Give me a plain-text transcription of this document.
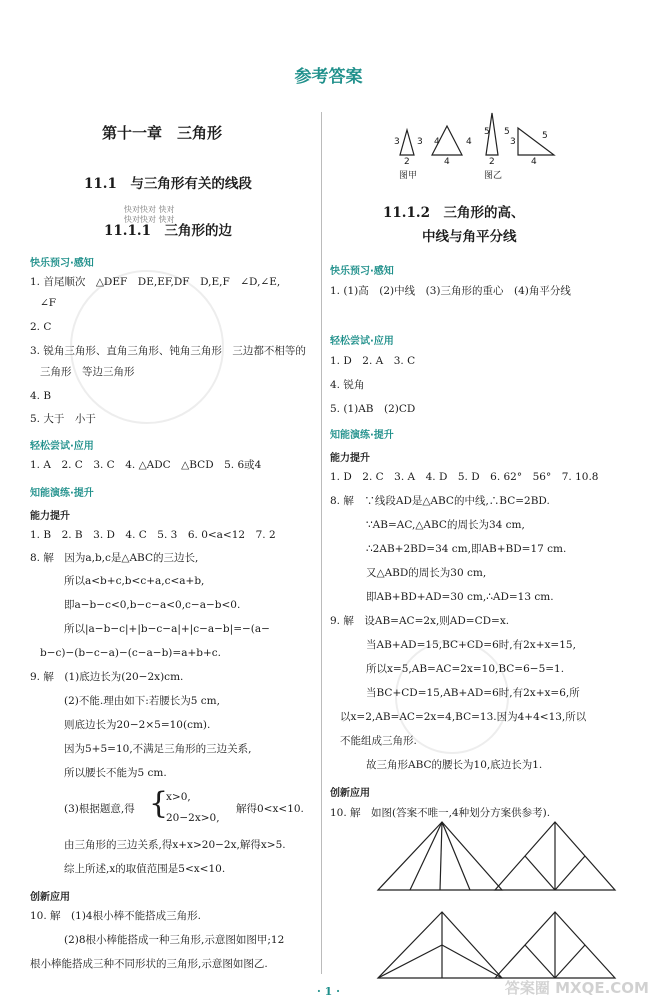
参考答案
第十一章　三角形
11.1　与三角形有关的线段
快对快对 快对
快对快对 快对
11.1.1　三角形的边
快乐预习·感知
1. 首尾顺次　△DEF　DE,EF,DF　D,E,F　∠D,∠E,
∠F
2. C
3. 锐角三角形、直角三角形、钝角三角形　三边都不相等的
三角形　等边三角形
4. B
5. 大于　小于
轻松尝试·应用
1. A　2. C　3. C　4. △ADC　△BCD　5. 6或4
知能演练·提升
能力提升
1. B　2. B　3. D　4. C　5. 3　6. 0<a<12　7. 2
8. 解　因为a,b,c是△ABC的三边长,
所以a<b+c,b<c+a,c<a+b,
即a−b−c<0,b−c−a<0,c−a−b<0.
所以|a−b−c|+|b−c−a|+|c−a−b|=−(a−
b−c)−(b−c−a)−(c−a−b)=a+b+c.
9. 解　(1)底边长为(20−2x)cm.
(2)不能.理由如下:若腰长为5 cm,
则底边长为20−2×5=10(cm).
因为5+5=10,不满足三角形的三边关系,
所以腰长不能为5 cm.
(3)根据题意,得 {
x>0,
20−2x>0,
解得0<x<10.
由三角形的三边关系,得x+x>20−2x,解得x>5.
综上所述,x的取值范围是5<x<10.
创新应用
10. 解　(1)4根小棒不能搭成三角形.
(2)8根小棒能搭成一种三角形,示意图如图甲;12
根小棒能搭成三种不同形状的三角形,示意图如图乙.
3 3
2
4	4
4
5 5
2
3
5
4
图甲	图乙
11.1.2　三角形的高、
中线与角平分线
快乐预习·感知
1. (1)高　(2)中线　(3)三角形的重心　(4)角平分线
轻松尝试·应用
1. D　2. A　3. C
4. 锐角
5. (1)AB　(2)CD
知能演练·提升
能力提升
1. D　2. C　3. A　4. D　5. D　6. 62°　56°　7. 10.8
8. 解　∵线段AD是△ABC的中线,∴BC=2BD.
∵AB=AC,△ABC的周长为34 cm,
∴2AB+2BD=34 cm,即AB+BD=17 cm.
又△ABD的周长为30 cm,
即AB+BD+AD=30 cm,∴AD=13 cm.
9. 解　设AB=AC=2x,则AD=CD=x.
当AB+AD=15,BC+CD=6时,有2x+x=15,
所以x=5,AB=AC=2x=10,BC=6−5=1.
当BC+CD=15,AB+AD=6时,有2x+x=6,所
以x=2,AB=AC=2x=4,BC=13.因为4+4<13,所以
不能组成三角形.
故三角形ABC的腰长为10,底边长为1.
创新应用
10. 解　如图(答案不唯一,4种划分方案供参考).
· 1 ·	答案圈 MXQE.COM
